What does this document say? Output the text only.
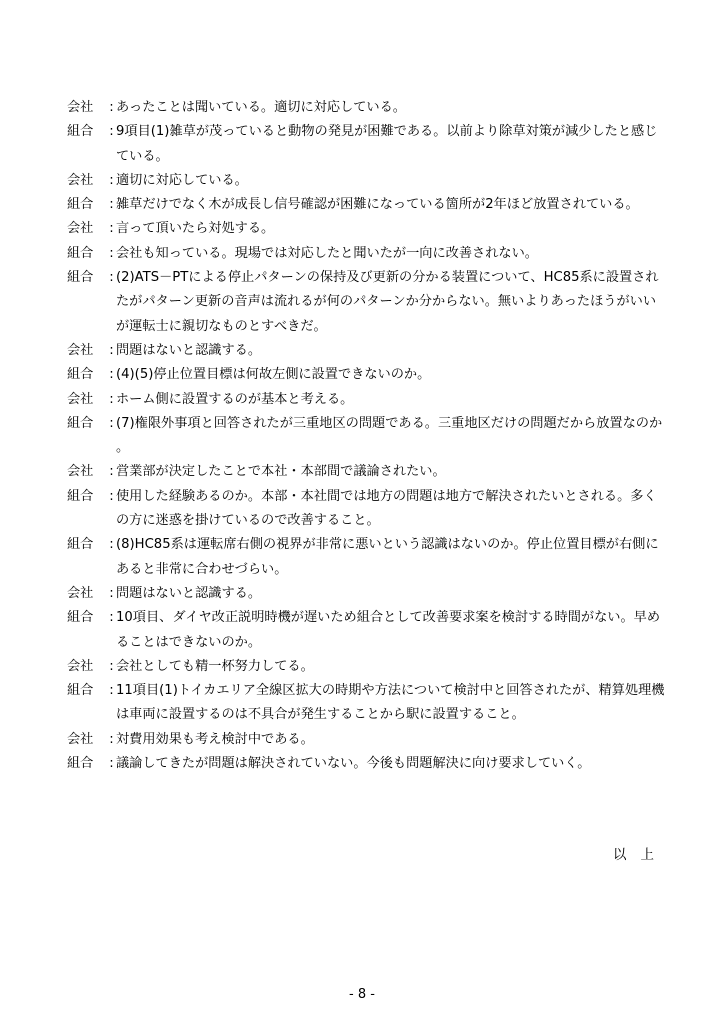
会社	: あったことは聞いている。適切に対応している。
組合	: 9項目(1)雑草が茂っていると動物の発見が困難である。以前より除草対策が減少したと感じている。
会社	: 適切に対応している。
組合	: 雑草だけでなく木が成長し信号確認が困難になっている箇所が2年ほど放置されている。
会社	: 言って頂いたら対処する。
組合	: 会社も知っている。現場では対応したと聞いたが一向に改善されない。
組合	: (2)ATS－PTによる停止パターンの保持及び更新の分かる装置について、HC85系に設置されたがパターン更新の音声は流れるが何のパターンか分からない。無いよりあったほうがいいが運転士に親切なものとすべきだ。
会社	: 問題はないと認識する。
組合	: (4)(5)停止位置目標は何故左側に設置できないのか。
会社	: ホーム側に設置するのが基本と考える。
組合	: (7)権限外事項と回答されたが三重地区の問題である。三重地区だけの問題だから放置なのか。
会社	: 営業部が決定したことで本社・本部間で議論されたい。
組合	: 使用した経験あるのか。本部・本社間では地方の問題は地方で解決されたいとされる。多くの方に迷惑を掛けているので改善すること。
組合	: (8)HC85系は運転席右側の視界が非常に悪いという認識はないのか。停止位置目標が右側にあると非常に合わせづらい。
会社	: 問題はないと認識する。
組合	: 10項目、ダイヤ改正説明時機が遅いため組合として改善要求案を検討する時間がない。早めることはできないのか。
会社	: 会社としても精一杯努力してる。
組合	: 11項目(1)トイカエリア全線区拡大の時期や方法について検討中と回答されたが、精算処理機は車両に設置するのは不具合が発生することから駅に設置すること。
会社	: 対費用効果も考え検討中である。
組合	: 議論してきたが問題は解決されていない。今後も問題解決に向け要求していく。
以 上
- 8 -
